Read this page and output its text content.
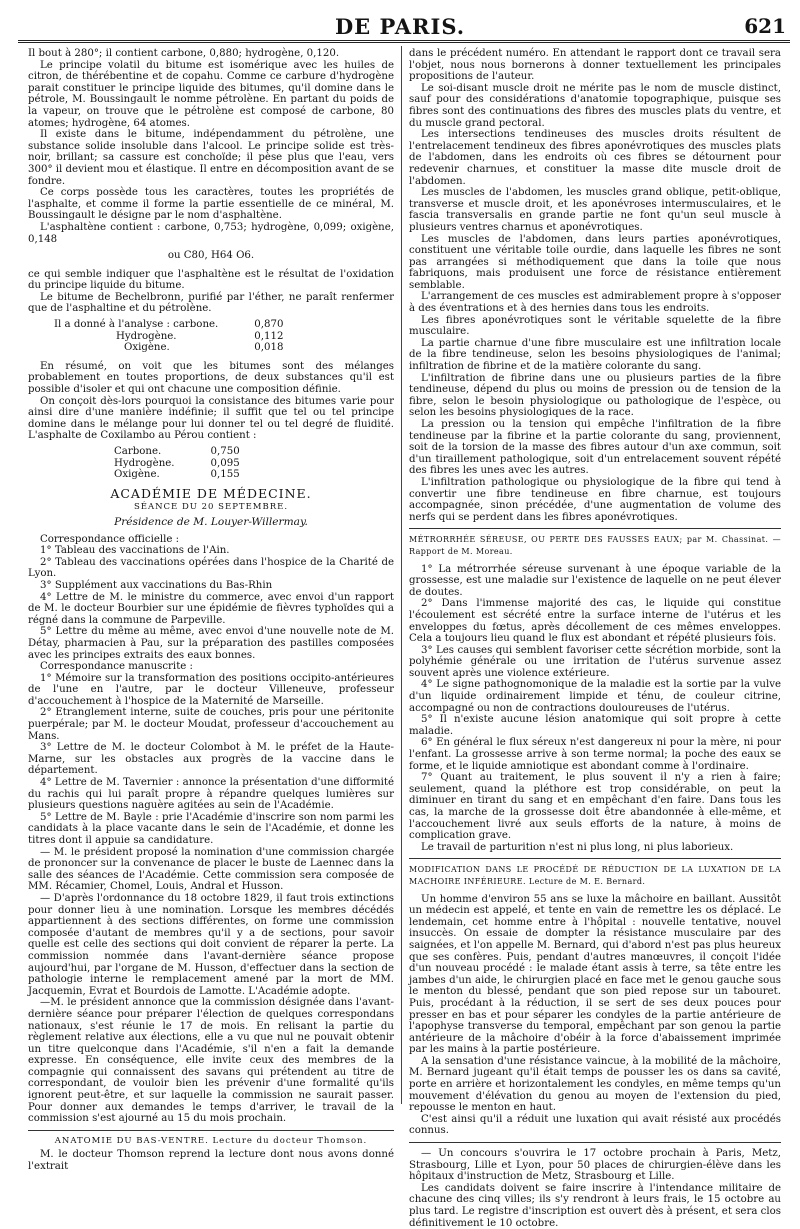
DE PARIS.	621

Il bout à 280°; il contient carbone, 0,880; hydrogène, 0,120.

Le principe volatil du bitume est isomérique avec les huiles de citron, de thérébentine et de copahu. Comme ce carbure d'hydrogène parait constituer le principe liquide des bitumes, qu'il domine dans le pétrole, M. Boussingault le nomme pétrolène. En partant du poids de la vapeur, on trouve que le pétrolène est composé de carbone, 80 atomes; hydrogène, 64 atomes.

Il existe dans le bitume, indépendamment du pétrolène, une substance solide insoluble dans l'alcool. Le principe solide est très-noir, brillant; sa cassure est conchoïde; il pèse plus que l'eau, vers 300° il devient mou et élastique. Il entre en décomposition avant de se fondre.

Ce corps possède tous les caractères, toutes les propriétés de l'asphalte, et comme il forme la partie essentielle de ce minéral, M. Boussingault le désigne par le nom d'asphaltène.

L'asphaltène contient : carbone, 0,753; hydrogène, 0,099; oxigène, 0,148

ou C80, H64 O6.

ce qui semble indiquer que l'asphaltène est le résultat de l'oxidation du principe liquide du bitume.

Le bitume de Bechelbronn, purifié par l'éther, ne paraît renfermer que de l'asphaltine et du pétrolène.

Il a donné à l'analyse : carbone.	0,870
Hydrogène.	0,112
Oxigène.	0,018

En résumé, on voit que les bitumes sont des mélanges probablement en toutes proportions, de deux substances qu'il est possible d'isoler et qui ont chacune une composition définie.

On conçoit dès-lors pourquoi la consistance des bitumes varie pour ainsi dire d'une manière indéfinie; il suffit que tel ou tel principe domine dans le mélange pour lui donner tel ou tel degré de fluidité. L'asphalte de Coxilambo au Pérou contient :

Carbone.	0,750
Hydrogène.	0,095
Oxigène.	0,155
ACADÉMIE DE MÉDECINE.
SÉANCE DU 20 SEPTEMBRE.
Présidence de M. Louyer-Willermay.

Correspondance officielle :

1° Tableau des vaccinations de l'Ain.

2° Tableau des vaccinations opérées dans l'hospice de la Charité de Lyon.

3° Supplément aux vaccinations du Bas-Rhin

4° Lettre de M. le ministre du commerce, avec envoi d'un rapport de M. le docteur Bourbier sur une épidémie de fièvres typhoïdes qui a régné dans la commune de Parpeville.

5° Lettre du même au même, avec envoi d'une nouvelle note de M. Détay, pharmacien à Pau, sur la préparation des pastilles composées avec les principes extraits des eaux bonnes.

Correspondance manuscrite :

1° Mémoire sur la transformation des positions occipito-antérieures de l'une en l'autre, par le docteur Villeneuve, professeur d'accouchement à l'hospice de la Maternité de Marseille.

2° Etranglement interne, suite de couches, pris pour une péritonite puerpérale; par M. le docteur Moudat, professeur d'accouchement au Mans.

3° Lettre de M. le docteur Colombot à M. le préfet de la Haute-Marne, sur les obstacles aux progrès de la vaccine dans le département.

4° Lettre de M. Tavernier : annonce la présentation d'une difformité du rachis qui lui paraît propre à répandre quelques lumières sur plusieurs questions naguère agitées au sein de l'Académie.

5° Lettre de M. Bayle : prie l'Académie d'inscrire son nom parmi les candidats à la place vacante dans le sein de l'Académie, et donne les titres dont il appuie sa candidature.

— M. le président proposé la nomination d'une commission chargée de prononcer sur la convenance de placer le buste de Laennec dans la salle des séances de l'Académie. Cette commission sera composée de MM. Récamier, Chomel, Louis, Andral et Husson.

— D'après l'ordonnance du 18 octobre 1829, il faut trois extinctions pour donner lieu à une nomination. Lorsque les membres décédés appartiennent à des sections différentes, on forme une commission composée d'autant de membres qu'il y a de sections, pour savoir quelle est celle des sections qui doit convient de réparer la perte. La commission nommée dans l'avant-dernière séance propose aujourd'hui, par l'organe de M. Husson, d'effectuer dans la section de pathologie interne le remplacement amené par la mort de MM. Jacquemin, Evrat et Bourdois de Lamotte. L'Académie adopte.

—M. le président annonce que la commission désignée dans l'avant-dernière séance pour préparer l'élection de quelques correspondans nationaux, s'est réunie le 17 de mois. En relisant la partie du règlement relative aux élections, elle a vu que nul ne pouvait obtenir un titre quelconque dans l'Académie, s'il n'en a fait la demande expresse. En conséquence, elle invite ceux des membres de la compagnie qui connaissent des savans qui prétendent au titre de correspondant, de vouloir bien les prévenir d'une formalité qu'ils ignorent peut-être, et sur laquelle la commission ne saurait passer. Pour donner aux demandes le temps d'arriver, le travail de la commission s'est ajourné au 15 du mois prochain.

ANATOMIE DU BAS-VENTRE. Lecture du docteur Thomson.

M. le docteur Thomson reprend la lecture dont nous avons donné l'extrait

dans le précédent numéro. En attendant le rapport dont ce travail sera l'objet, nous nous bornerons à donner textuellement les principales propositions de l'auteur.

Le soi-disant muscle droit ne mérite pas le nom de muscle distinct, sauf pour des considérations d'anatomie topographique, puisque ses fibres sont des continuations des fibres des muscles plats du ventre, et du muscle grand pectoral.

Les intersections tendineuses des muscles droits résultent de l'entrelacement tendineux des fibres aponévrotiques des muscles plats de l'abdomen, dans les endroits où ces fibres se détournent pour redevenir charnues, et constituer la masse dite muscle droit de l'abdomen.

Les muscles de l'abdomen, les muscles grand oblique, petit-oblique, transverse et muscle droit, et les aponévroses intermusculaires, et le fascia transversalis en grande partie ne font qu'un seul muscle à plusieurs ventres charnus et aponévrotiques.

Les muscles de l'abdomen, dans leurs parties aponévrotiques, constituent une véritable toile ourdie, dans laquelle les fibres ne sont pas arrangées si méthodiquement que dans la toile que nous fabriquons, mais produisent une force de résistance entièrement semblable.

L'arrangement de ces muscles est admirablement propre à s'opposer à des éventrations et à des hernies dans tous les endroits.

Les fibres aponévrotiques sont le véritable squelette de la fibre musculaire.

La partie charnue d'une fibre musculaire est une infiltration locale de la fibre tendineuse, selon les besoins physiologiques de l'animal; infiltration de fibrine et de la matière colorante du sang.

L'infiltration de fibrine dans une ou plusieurs parties de la fibre tendineuse, dépend du plus ou moins de pression ou de tension de la fibre, selon le besoin physiologique ou pathologique de l'espèce, ou selon les besoins physiologiques de la race.

La pression ou la tension qui empêche l'infiltration de la fibre tendineuse par la fibrine et la partie colorante du sang, proviennent, soit de la torsion de la masse des fibres autour d'un axe commun, soit d'un tiraillement pathologique, soit d'un entrelacement souvent répété des fibres les unes avec les autres.

L'infiltration pathologique ou physiologique de la fibre qui tend à convertir une fibre tendineuse en fibre charnue, est toujours accompagnée, sinon précédée, d'une augmentation de volume des nerfs qui se perdent dans les fibres aponévrotiques.

MÉTRORRHÉE SÉREUSE, OU PERTE DES FAUSSES EAUX; par M. Chassinat. — Rapport de M. Moreau.

1° La métrorrhée séreuse survenant à une époque variable de la grossesse, est une maladie sur l'existence de laquelle on ne peut élever de doutes.

2° Dans l'immense majorité des cas, le liquide qui constitue l'écoulement est sécrété entre la surface interne de l'utérus et les enveloppes du fœtus, après décollement de ces mêmes enveloppes. Cela a toujours lieu quand le flux est abondant et répété plusieurs fois.

3° Les causes qui semblent favoriser cette sécrétion morbide, sont la polyhémie générale ou une irritation de l'utérus survenue assez souvent après une violence extérieure.

4° Le signe pathognomonique de la maladie est la sortie par la vulve d'un liquide ordinairement limpide et ténu, de couleur citrine, accompagné ou non de contractions douloureuses de l'utérus.

5° Il n'existe aucune lésion anatomique qui soit propre à cette maladie.

6° En général le flux séreux n'est dangereux ni pour la mère, ni pour l'enfant. La grossesse arrive à son terme normal; la poche des eaux se forme, et le liquide amniotique est abondant comme à l'ordinaire.

7° Quant au traitement, le plus souvent il n'y a rien à faire; seulement, quand la pléthore est trop considérable, on peut la diminuer en tirant du sang et en empêchant d'en faire. Dans tous les cas, la marche de la grossesse doit être abandonnée à elle-même, et l'accouchement livré aux seuls efforts de la nature, à moins de complication grave.

Le travail de parturition n'est ni plus long, ni plus laborieux.

MODIFICATION DANS LE PROCÉDÉ DE RÉDUCTION DE LA LUXATION DE LA MACHOIRE INFÉRIEURE. Lecture de M. E. Bernard.

Un homme d'environ 55 ans se luxe la mâchoire en baillant. Aussitôt un médecin est appelé, et tente en vain de remettre les os déplacé. Le lendemain, cet homme entre à l'hôpital : nouvelle tentative, nouvel insuccès. On essaie de dompter la résistance musculaire par des saignées, et l'on appelle M. Bernard, qui d'abord n'est pas plus heureux que ses confères. Puis, pendant d'autres manœuvres, il conçoit l'idée d'un nouveau procédé : le malade étant assis à terre, sa tête entre les jambes d'un aide, le chirurgien placé en face met le genou gauche sous le menton du blessé, pendant que son pied repose sur un tabouret. Puis, procédant à la réduction, il se sert de ses deux pouces pour presser en bas et pour séparer les condyles de la partie antérieure de l'apophyse transverse du temporal, empêchant par son genou la partie antérieure de la mâchoire d'obéir à la force d'abaissement imprimée par les mains à la partie postérieure.

A la sensation d'une résistance vaincue, à la mobilité de la mâchoire, M. Bernard jugeant qu'il était temps de pousser les os dans sa cavité, porte en arrière et horizontalement les condyles, en même temps qu'un mouvement d'élévation du genou au moyen de l'extension du pied, repousse le menton en haut.

C'est ainsi qu'il a réduit une luxation qui avait résisté aux procédés connus.

— Un concours s'ouvrira le 17 octobre prochain à Paris, Metz, Strasbourg, Lille et Lyon, pour 50 places de chirurgien-élève dans les hôpitaux d'instruction de Metz, Strasbourg et Lille.

Les candidats doivent se faire inscrire à l'intendance militaire de chacune des cinq villes; ils s'y rendront à leurs frais, le 15 octobre au plus tard. Le registre d'inscription est ouvert dès à présent, et sera clos définitivement le 10 octobre.
